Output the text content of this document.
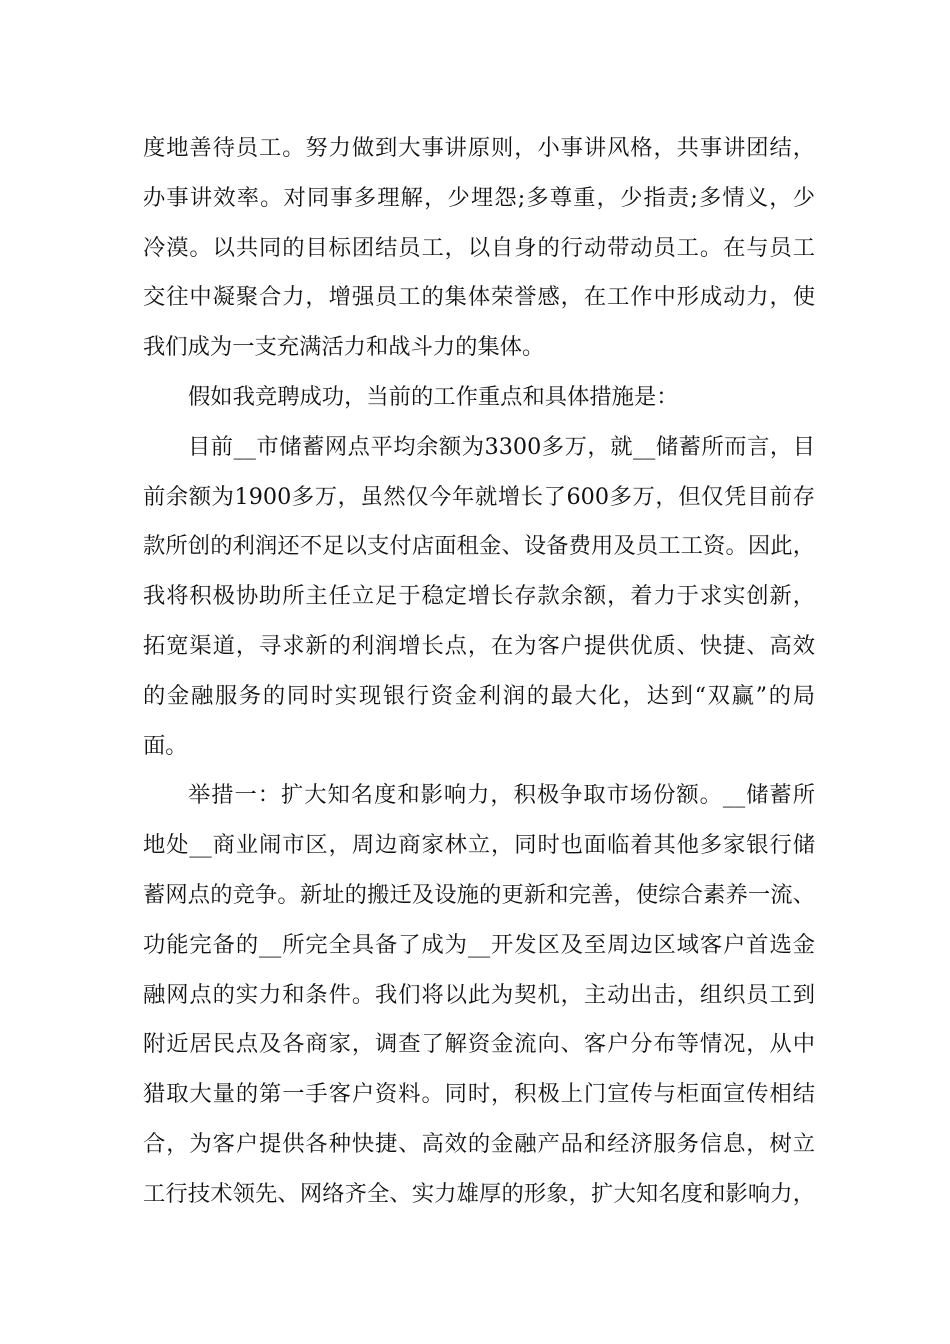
度地善待员工。努力做到大事讲原则，小事讲风格，共事讲团结，
办事讲效率。对同事多理解，少埋怨;多尊重，少指责;多情义，少
冷漠。以共同的目标团结员工，以自身的行动带动员工。在与员工
交往中凝聚合力，增强员工的集体荣誉感，在工作中形成动力，使
我们成为一支充满活力和战斗力的集体。
假如我竞聘成功，当前的工作重点和具体措施是：
目前__市储蓄网点平均余额为3300多万，就__储蓄所而言，目
前余额为1900多万，虽然仅今年就增长了600多万，但仅凭目前存
款所创的利润还不足以支付店面租金、设备费用及员工工资。因此，
我将积极协助所主任立足于稳定增长存款余额，着力于求实创新，
拓宽渠道，寻求新的利润增长点，在为客户提供优质、快捷、高效
的金融服务的同时实现银行资金利润的最大化，达到“双赢”的局
面。
举措一：扩大知名度和影响力，积极争取市场份额。__储蓄所
地处__商业闹市区，周边商家林立，同时也面临着其他多家银行储
蓄网点的竞争。新址的搬迁及设施的更新和完善，使综合素养一流、
功能完备的__所完全具备了成为__开发区及至周边区域客户首选金
融网点的实力和条件。我们将以此为契机，主动出击，组织员工到
附近居民点及各商家，调查了解资金流向、客户分布等情况，从中
猎取大量的第一手客户资料。同时，积极上门宣传与柜面宣传相结
合，为客户提供各种快捷、高效的金融产品和经济服务信息，树立
工行技术领先、网络齐全、实力雄厚的形象，扩大知名度和影响力，
